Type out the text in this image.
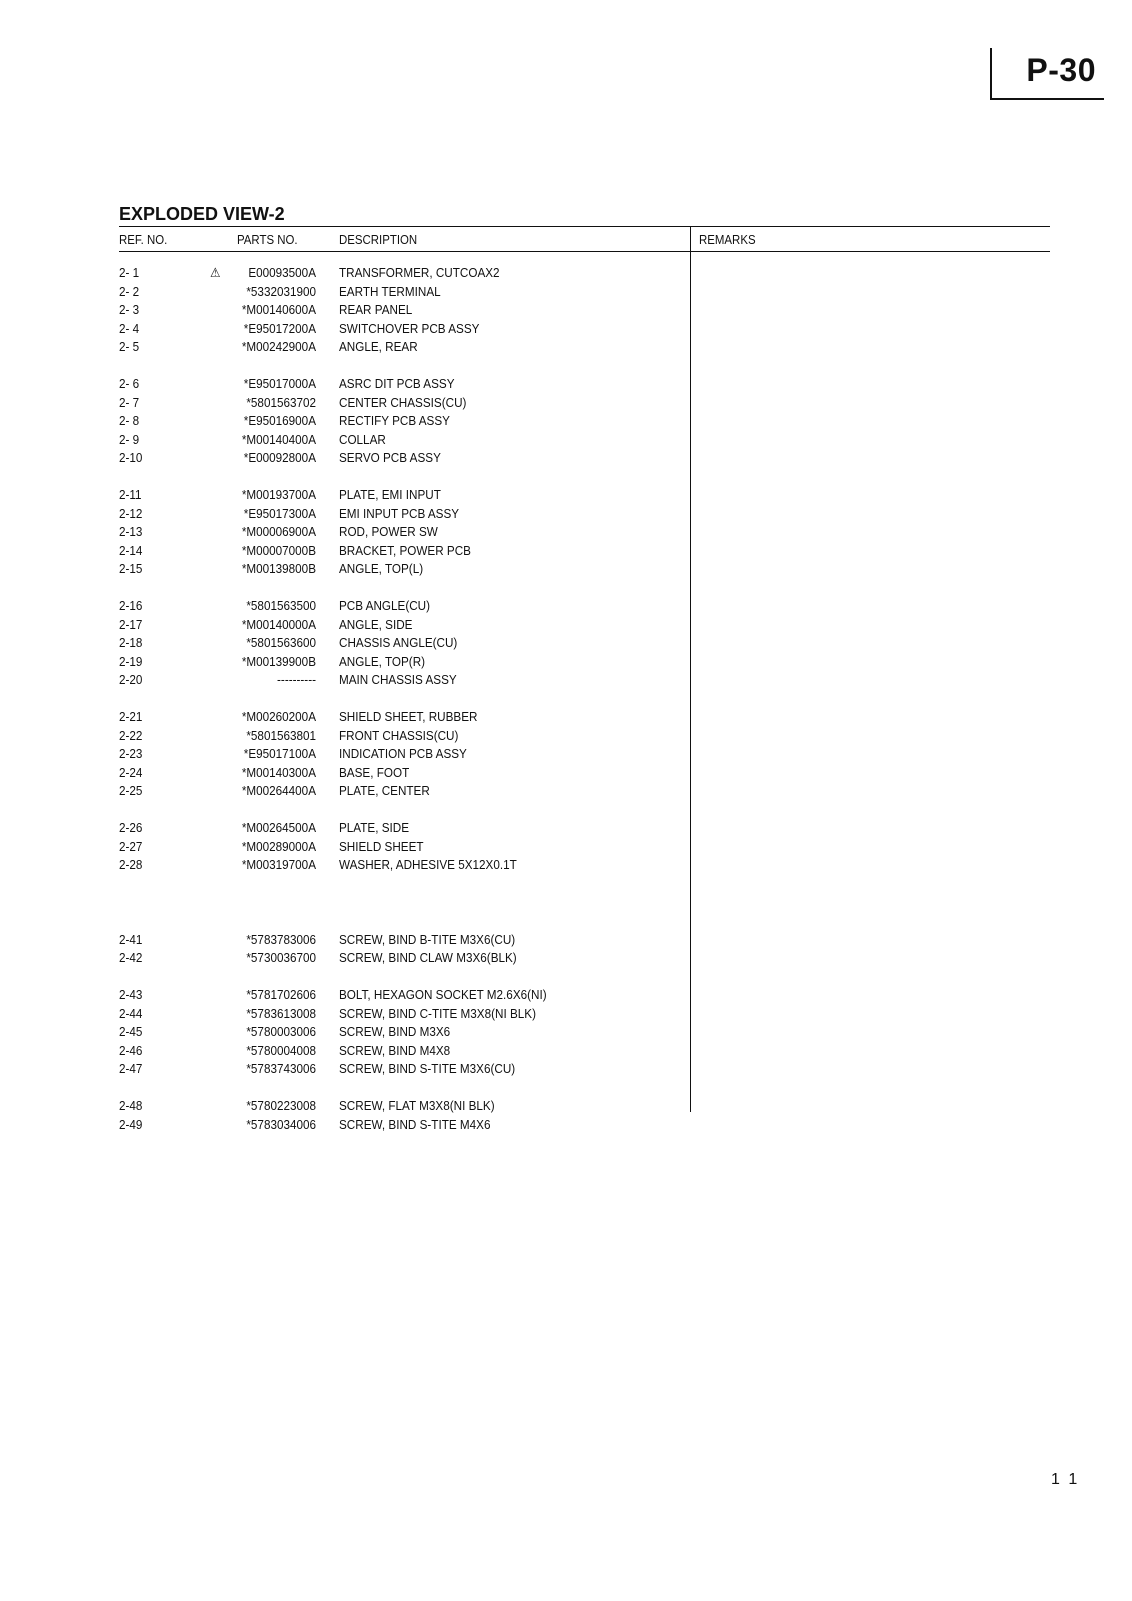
P-30
EXPLODED VIEW-2
REF. NO.	PARTS NO.	DESCRIPTION	REMARKS
2- 1	E00093500A TRANSFORMER, CUTCOAX2
⚠
2- 2	*5332031900 EARTH TERMINAL
2- 3	*M00140600A REAR PANEL
2- 4	*E95017200A SWITCHOVER PCB ASSY
2- 5	*M00242900A ANGLE, REAR
2- 6	*E95017000A ASRC DIT PCB ASSY
2- 7	*5801563702 CENTER CHASSIS(CU)
2- 8	*E95016900A RECTIFY PCB ASSY
2- 9	*M00140400A COLLAR
2-10	*E00092800A SERVO PCB ASSY
2-11	*M00193700A PLATE, EMI INPUT
2-12	*E95017300A EMI INPUT PCB ASSY
2-13	*M00006900A ROD, POWER SW
2-14	*M00007000B BRACKET, POWER PCB
2-15	*M00139800B ANGLE, TOP(L)
2-16	*5801563500 PCB ANGLE(CU)
2-17	*M00140000A ANGLE, SIDE
2-18	*5801563600 CHASSIS ANGLE(CU)
2-19	*M00139900B ANGLE, TOP(R)
2-20	---------- MAIN CHASSIS ASSY
2-21	*M00260200A SHIELD SHEET, RUBBER
2-22	*5801563801 FRONT CHASSIS(CU)
2-23	*E95017100A INDICATION PCB ASSY
2-24	*M00140300A BASE, FOOT
2-25	*M00264400A PLATE, CENTER
2-26	*M00264500A PLATE, SIDE
2-27	*M00289000A SHIELD SHEET
2-28	*M00319700A WASHER, ADHESIVE 5X12X0.1T
2-41	*5783783006 SCREW, BIND B-TITE M3X6(CU)
2-42	*5730036700 SCREW, BIND CLAW M3X6(BLK)
2-43	*5781702606 BOLT, HEXAGON SOCKET M2.6X6(NI)
2-44	*5783613008 SCREW, BIND C-TITE M3X8(NI BLK)
2-45	*5780003006 SCREW, BIND M3X6
2-46	*5780004008 SCREW, BIND M4X8
2-47	*5783743006 SCREW, BIND S-TITE M3X6(CU)
2-48	*5780223008 SCREW, FLAT M3X8(NI BLK)
2-49	*5783034006 SCREW, BIND S-TITE M4X6
1 1
